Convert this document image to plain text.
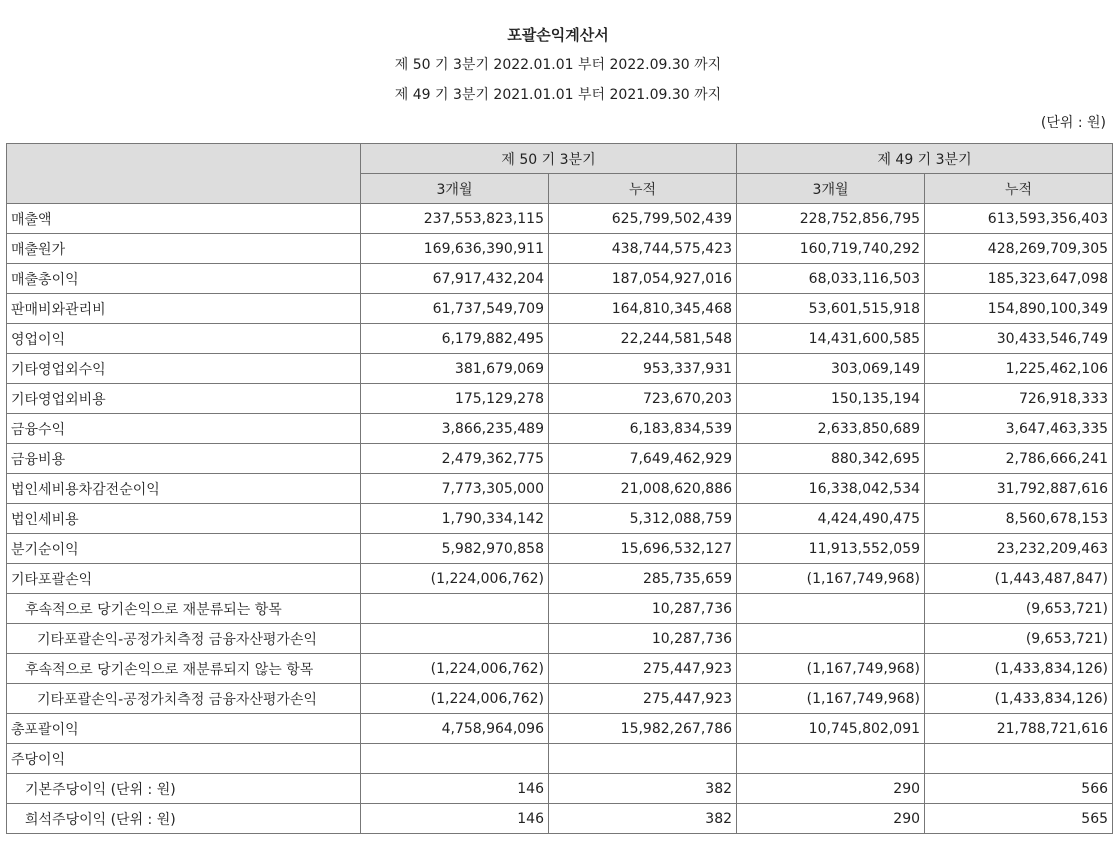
포괄손익계산서
제 50 기 3분기 2022.01.01 부터 2022.09.30 까지
제 49 기 3분기 2021.01.01 부터 2021.09.30 까지
(단위 : 원)
	제 50 기 3분기		제 49 기 3분기	
	3개월	누적	3개월	누적
매출액	237,553,823,115	625,799,502,439	228,752,856,795	613,593,356,403
매출원가	169,636,390,911	438,744,575,423	160,719,740,292	428,269,709,305
매출총이익	67,917,432,204	187,054,927,016	68,033,116,503	185,323,647,098
판매비와관리비	61,737,549,709	164,810,345,468	53,601,515,918	154,890,100,349
영업이익	6,179,882,495	22,244,581,548	14,431,600,585	30,433,546,749
기타영업외수익	381,679,069	953,337,931	303,069,149	1,225,462,106
기타영업외비용	175,129,278	723,670,203	150,135,194	726,918,333
금융수익	3,866,235,489	6,183,834,539	2,633,850,689	3,647,463,335
금융비용	2,479,362,775	7,649,462,929	880,342,695	2,786,666,241
법인세비용차감전순이익	7,773,305,000	21,008,620,886	16,338,042,534	31,792,887,616
법인세비용	1,790,334,142	5,312,088,759	4,424,490,475	8,560,678,153
분기순이익	5,982,970,858	15,696,532,127	11,913,552,059	23,232,209,463
기타포괄손익	(1,224,006,762)	285,735,659	(1,167,749,968)	(1,443,487,847)
후속적으로 당기손익으로 재분류되는 항목		10,287,736		(9,653,721)
기타포괄손익-공정가치측정 금융자산평가손익		10,287,736		(9,653,721)
후속적으로 당기손익으로 재분류되지 않는 항목	(1,224,006,762)	275,447,923	(1,167,749,968)	(1,433,834,126)
기타포괄손익-공정가치측정 금융자산평가손익	(1,224,006,762)	275,447,923	(1,167,749,968)	(1,433,834,126)
총포괄이익	4,758,964,096	15,982,267,786	10,745,802,091	21,788,721,616
주당이익				
기본주당이익 (단위 : 원)	146	382	290	566
희석주당이익 (단위 : 원)	146	382	290	565
